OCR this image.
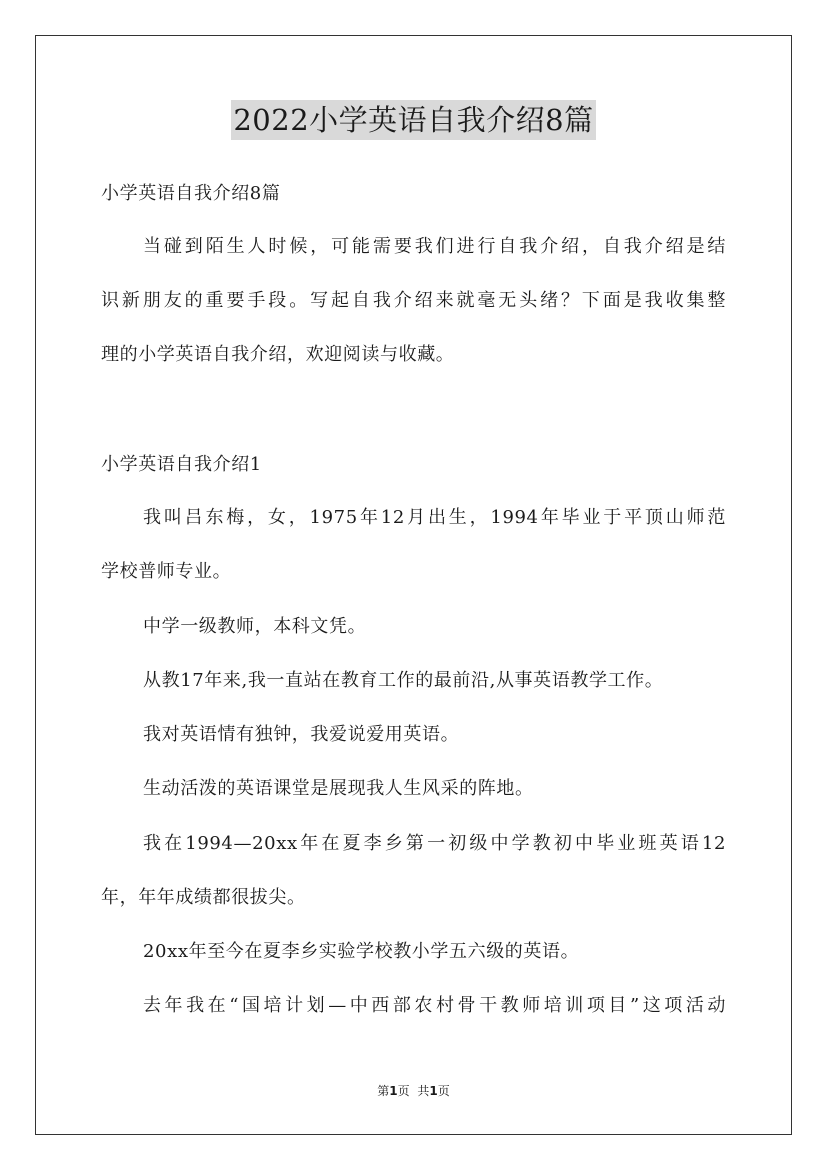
2022小学英语自我介绍8篇
小学英语自我介绍8篇
当碰到陌生人时候，可能需要我们进行自我介绍，自我介绍是结
识新朋友的重要手段。写起自我介绍来就毫无头绪？下面是我收集整
理的小学英语自我介绍，欢迎阅读与收藏。
小学英语自我介绍1
我叫吕东梅，女，1975年12月出生，1994年毕业于平顶山师范
学校普师专业。
中学一级教师，本科文凭。
从教17年来,我一直站在教育工作的最前沿,从事英语教学工作。
我对英语情有独钟，我爱说爱用英语。
生动活泼的英语课堂是展现我人生风采的阵地。
我在1994—20xx年在夏李乡第一初级中学教初中毕业班英语12
年，年年成绩都很拔尖。
20xx年至今在夏李乡实验学校教小学五六级的英语。
去年我在“国培计划—中西部农村骨干教师培训项目”这项活动
第1页 共1页
